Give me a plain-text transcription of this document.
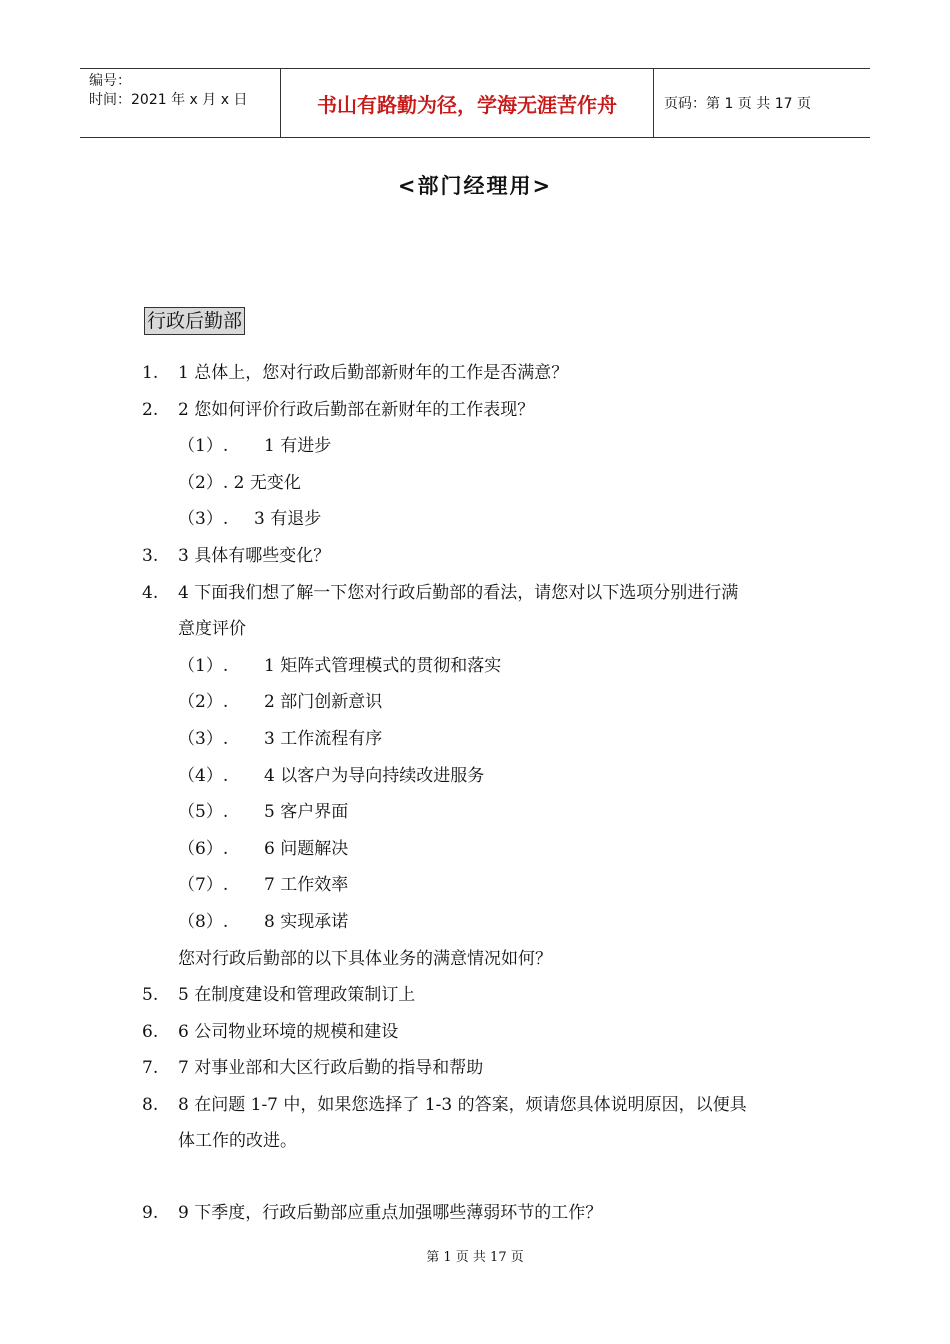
编号：
时间：2021 年 x 月 x 日	书山有路勤为径，学海无涯苦作舟	页码：第 1 页 共 17 页
<部门经理用>
行政后勤部
1. 1 总体上，您对行政后勤部新财年的工作是否满意？
2. 2 您如何评价行政后勤部在新财年的工作表现？
（1）. 1 有进步
（2）. 2 无变化
（3）. 3 有退步
3. 3 具体有哪些变化？
4. 4 下面我们想了解一下您对行政后勤部的看法，请您对以下选项分别进行满
意度评价
（1）. 1 矩阵式管理模式的贯彻和落实
（2）. 2 部门创新意识
（3）. 3 工作流程有序
（4）. 4 以客户为导向持续改进服务
（5）. 5 客户界面
（6）. 6 问题解决
（7）. 7 工作效率
（8）. 8 实现承诺
您对行政后勤部的以下具体业务的满意情况如何？
5. 5 在制度建设和管理政策制订上
6. 6 公司物业环境的规模和建设
7. 7 对事业部和大区行政后勤的指导和帮助
8. 8 在问题 1-7 中，如果您选择了 1-3 的答案，烦请您具体说明原因，以便具
体工作的改进。
9. 9 下季度，行政后勤部应重点加强哪些薄弱环节的工作？
第 1 页 共 17 页
